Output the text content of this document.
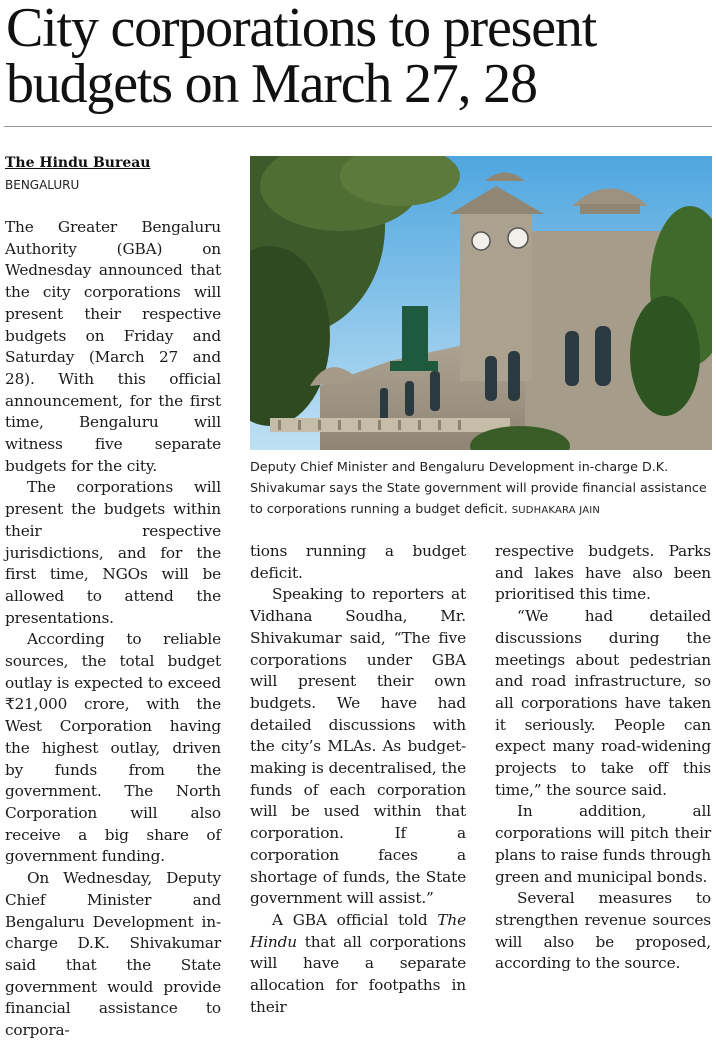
City corporations to present budgets on March 27, 28
The Hindu Bureau
BENGALURU

The Greater Bengaluru Authority (GBA) on Wednesday announced that the city corporations will present their respective budgets on Friday and Saturday (March 27 and 28). With this official announcement, for the first time, Bengaluru will witness five separate budgets for the city.

The corporations will present the budgets within their respective jurisdictions, and for the first time, NGOs will be allowed to attend the presentations.

According to reliable sources, the total budget outlay is expected to exceed ₹21,000 crore, with the West Corporation having the highest outlay, driven by funds from the government. The North Corporation will also receive a big share of government funding.

On Wednesday, Deputy Chief Minister and Bengaluru Development in-charge D.K. Shivakumar said that the State government would provide financial assistance to corpora-

Deputy Chief Minister and Bengaluru Development in-charge D.K. Shivakumar says the State government will provide financial assistance to corporations running a budget deficit. SUDHAKARA JAIN

tions running a budget deficit.

Speaking to reporters at Vidhana Soudha, Mr. Shivakumar said, “The five corporations under GBA will present their own budgets. We have had detailed discussions with the city’s MLAs. As budget-making is decentralised, the funds of each corporation will be used within that corporation. If a corporation faces a shortage of funds, the State government will assist.”

A GBA official told The Hindu that all corporations will have a separate allocation for footpaths in their

respective budgets. Parks and lakes have also been prioritised this time.

“We had detailed discussions during the meetings about pedestrian and road infrastructure, so all corporations have taken it seriously. People can expect many road-widening projects to take off this time,” the source said.

In addition, all corporations will pitch their plans to raise funds through green and municipal bonds.

Several measures to strengthen revenue sources will also be proposed, according to the source.
